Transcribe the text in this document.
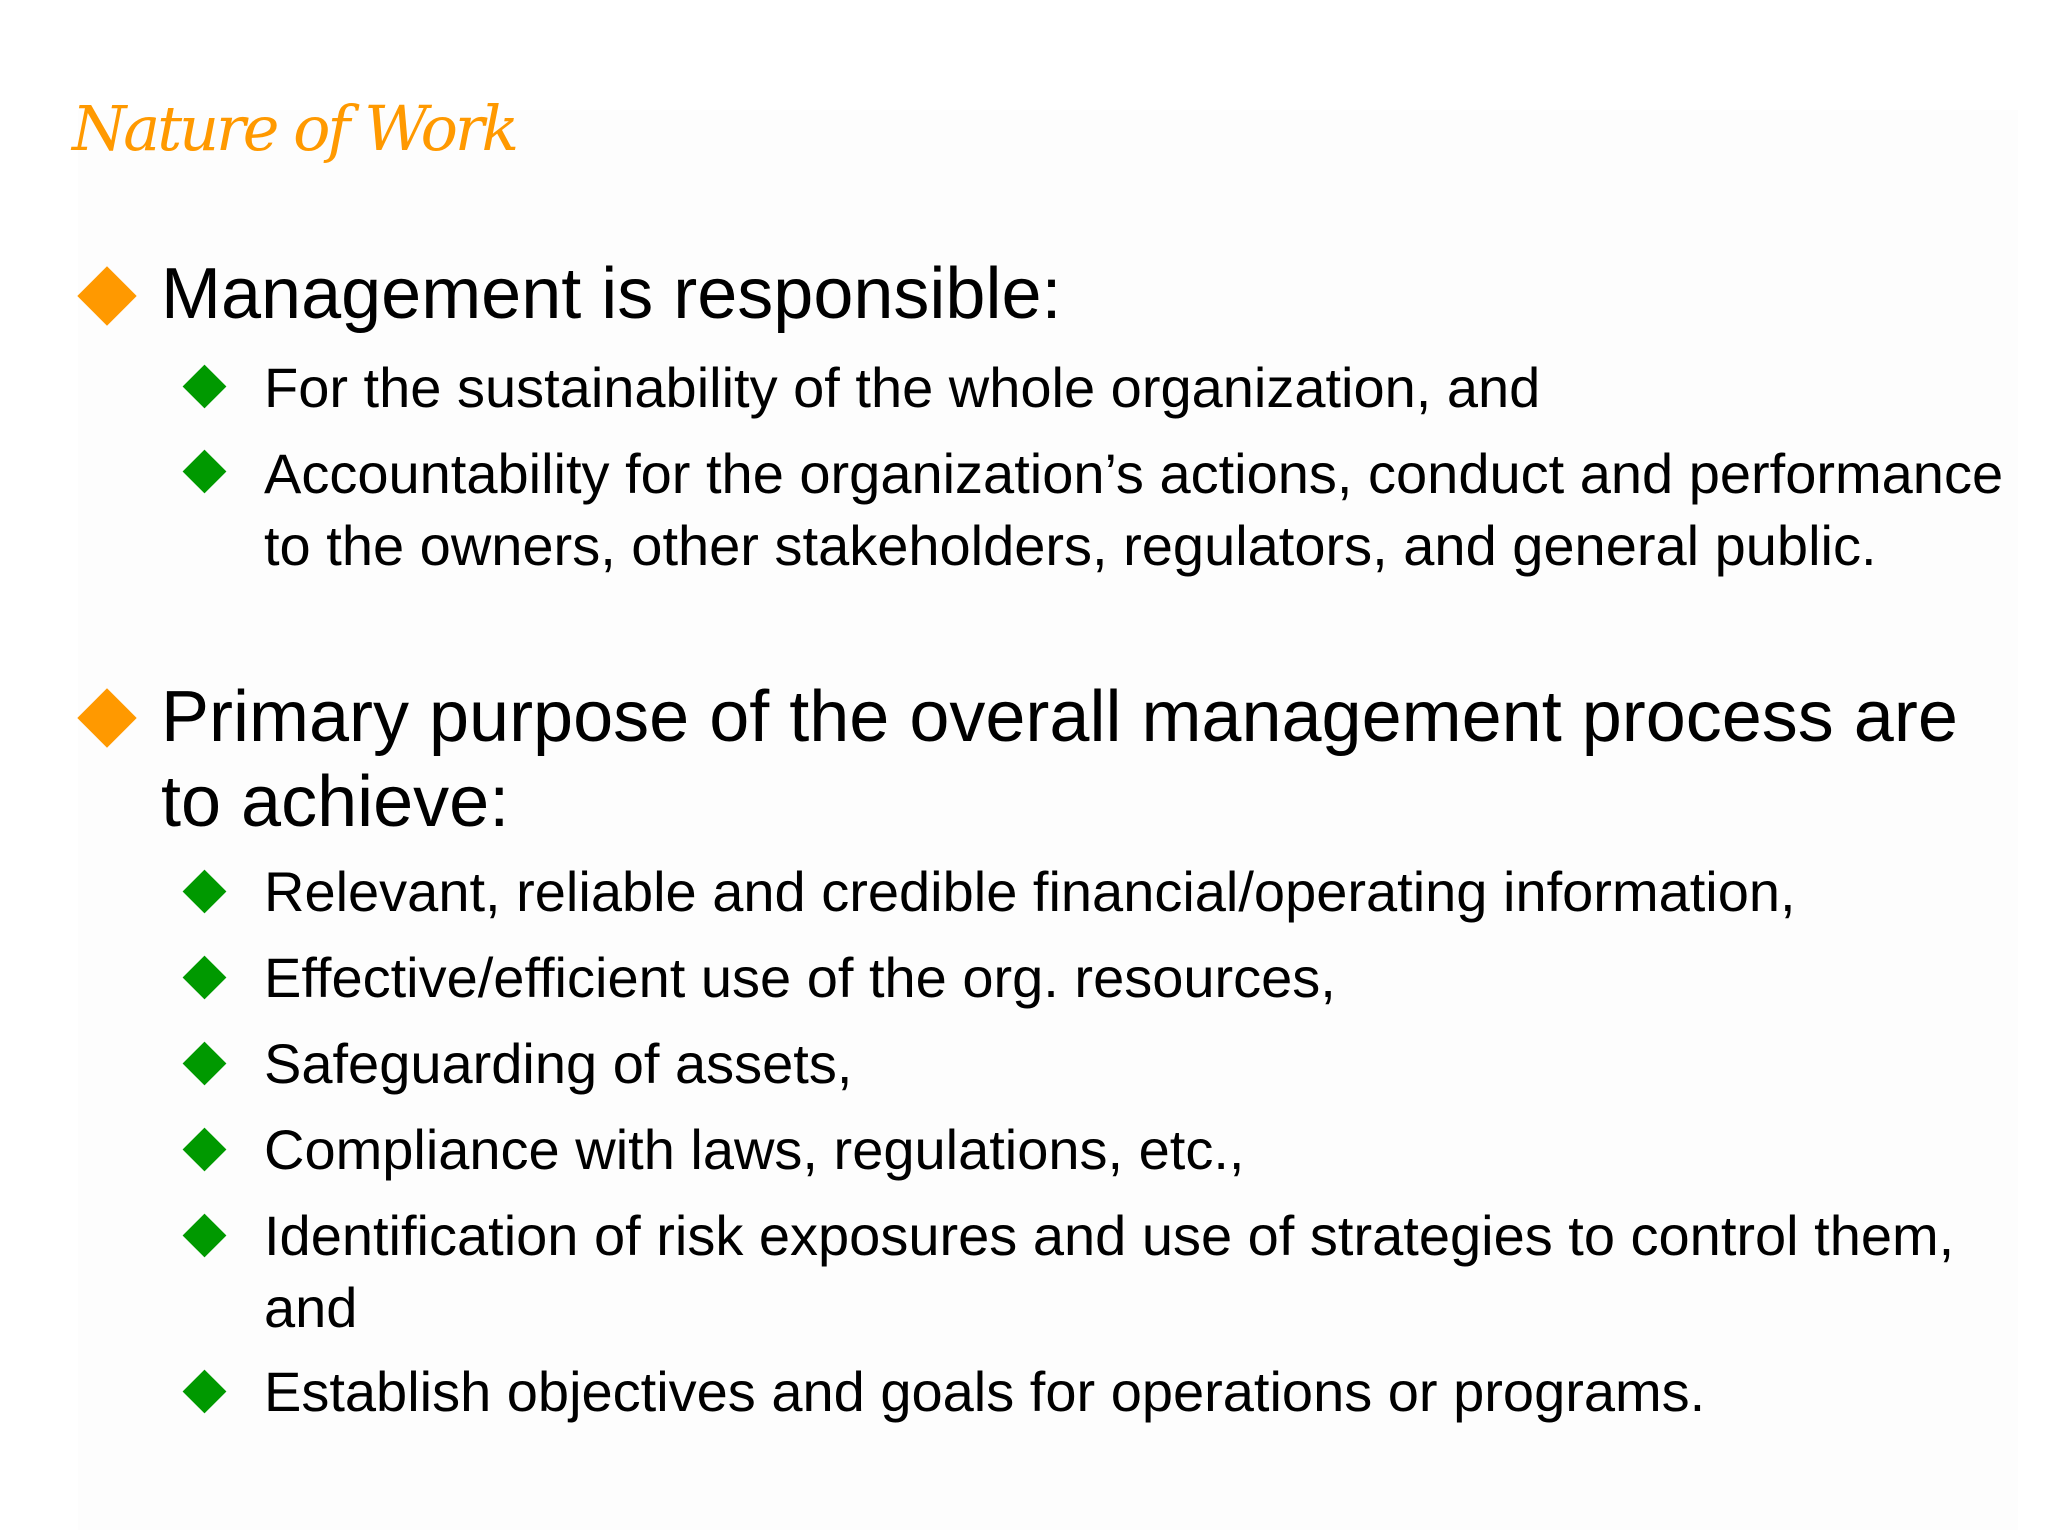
Nature of Work
Management is responsible:
For the sustainability of the whole organization, and
Accountability for the organization’s actions, conduct and performance to the owners, other stakeholders, regulators, and general public.
Primary purpose of the overall management process are to achieve:
Relevant, reliable and credible financial/operating information,
Effective/efficient use of the org. resources,
Safeguarding of assets,
Compliance with laws, regulations, etc.,
Identification of risk exposures and use of strategies to control them, and
Establish objectives and goals for operations or programs.
